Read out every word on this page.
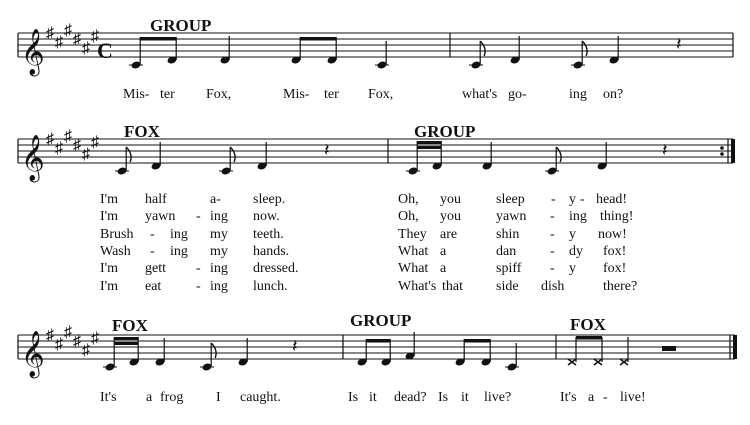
𝄞 ♯
♯
♯
♯
♯
♯
𝄞 ♯
♯
♯
♯
♯
♯
𝄞 ♯
♯
♯
♯
♯
♯
𝄽
𝄽	𝄽
𝄽
GROUP
FOX	GROUP
FOX	GROUP	FOX
C
Mis- ter Fox,	Mis- ter Fox,	what's go-	ing on?
I'm half	a- sleep.	Oh, you	sleep - y - head!
I'm yawn - ing now.	Oh, you	yawn - ing thing!
Brush - ing my teeth.	They are	shin - y now!
Wash - ing my hands.	What a	dan - dy fox!
I'm gett - ing dressed.	What a	spiff - y fox!
I'm eat - ing lunch.	What's that side dish	there?
It's a frog I caught.	Is it dead? Is it live?	It's a - live!
